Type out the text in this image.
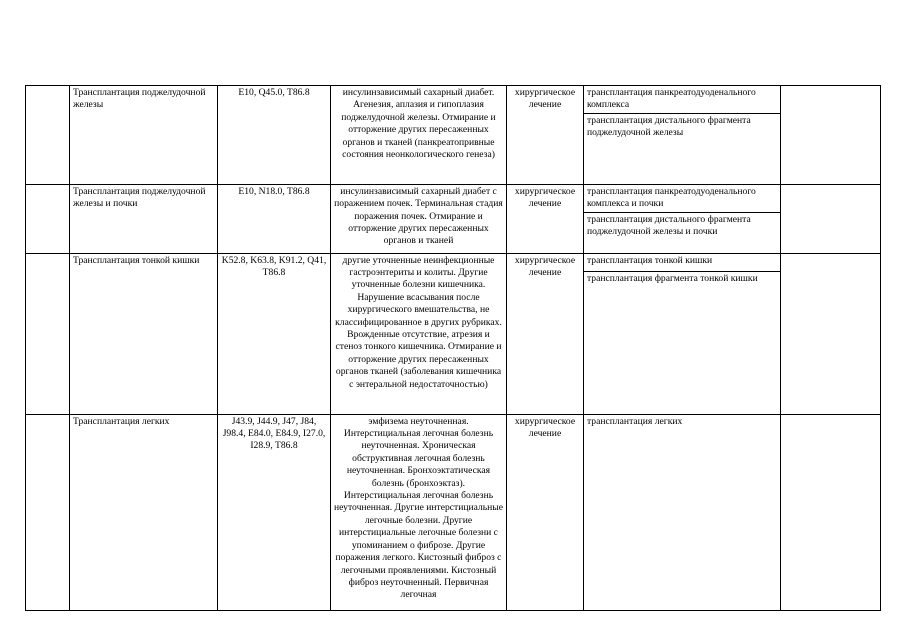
	Трансплантация поджелудочной железы	E10, Q45.0, T86.8	инсулинзависимый сахарный диабет. Агенезия, аплазия и гипоплазия поджелудочной железы. Отмирание и отторжение других пересаженных органов и тканей (панкреатопривные состояния неонкологического генеза)	хирургическое лечение	трансплантация панкреатодуоденального комплекса	
					трансплантация дистального фрагмента поджелудочной железы	
	Трансплантация поджелудочной железы и почки	E10, N18.0, T86.8	инсулинзависимый сахарный диабет с поражением почек. Терминальная стадия поражения почек. Отмирание и отторжение других пересаженных органов и тканей	хирургическое лечение	трансплантация панкреатодуоденального комплекса и почки	
					трансплантация дистального фрагмента поджелудочной железы и почки	
	Трансплантация тонкой кишки	K52.8, K63.8, K91.2, Q41, T86.8	другие уточненные неинфекционные гастроэнтериты и колиты. Другие уточненные болезни кишечника. Нарушение всасывания после хирургического вмешательства, не классифицированное в других рубриках. Врожденные отсутствие, атрезия и стеноз тонкого кишечника. Отмирание и отторжение других пересаженных органов тканей (заболевания кишечника с энтеральной недостаточностью)	хирургическое лечение	трансплантация тонкой кишки	
					трансплантация фрагмента тонкой кишки	
	Трансплантация легких	J43.9, J44.9, J47, J84, J98.4, E84.0, E84.9, I27.0, I28.9, T86.8	эмфизема неуточненная. Интерстициальная легочная болезнь неуточненная. Хроническая обструктивная легочная болезнь неуточненная. Бронхоэктатическая болезнь (бронхоэктаз). Интерстициальная легочная болезнь неуточненная. Другие интерстициальные легочные болезни. Другие интерстициальные легочные болезни с упоминанием о фиброзе. Другие поражения легкого. Кистозный фиброз с легочными проявлениями. Кистозный фиброз неуточненный. Первичная легочная	хирургическое лечение	трансплантация легких	
